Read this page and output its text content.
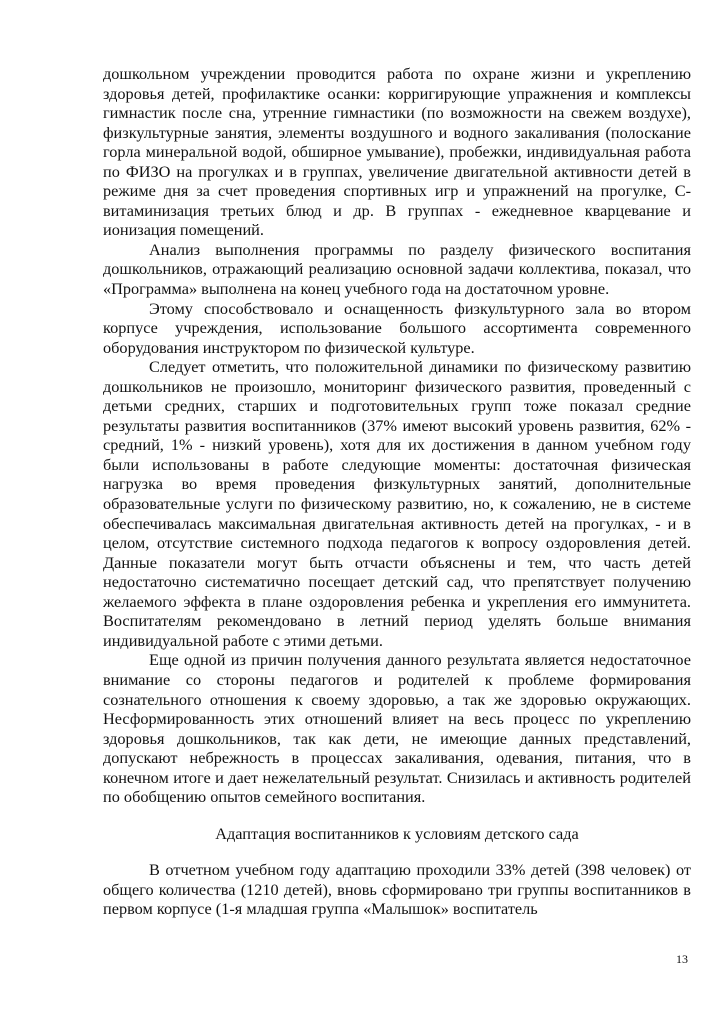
дошкольном учреждении проводится работа по охране жизни и укреплению здоровья детей, профилактике осанки: корригирующие упражнения и комплексы гимнастик после сна, утренние гимнастики (по возможности на свежем воздухе), физкультурные занятия, элементы воздушного и водного закаливания (полоскание горла минеральной водой, обширное умывание), пробежки, индивидуальная работа по ФИЗО на прогулках и в группах, увеличение двигательной активности детей в режиме дня за счет проведения спортивных игр и упражнений на прогулке, С-витаминизация третьих блюд и др. В группах - ежедневное кварцевание и ионизация помещений.

Анализ выполнения программы по разделу физического воспитания дошкольников, отражающий реализацию основной задачи коллектива, показал, что «Программа» выполнена на конец учебного года на достаточном уровне.

Этому способствовало и оснащенность физкультурного зала во втором корпусе учреждения, использование большого ассортимента современного оборудования инструктором по физической культуре.

Следует отметить, что положительной динамики по физическому развитию дошкольников не произошло, мониторинг физического развития, проведенный с детьми средних, старших и подготовительных групп тоже показал средние результаты развития воспитанников (37% имеют высокий уровень развития, 62% - средний, 1% - низкий уровень), хотя для их достижения в данном учебном году были использованы в работе следующие моменты: достаточная физическая нагрузка во время проведения физкультурных занятий, дополнительные образовательные услуги по физическому развитию, но, к сожалению, не в системе обеспечивалась максимальная двигательная активность детей на прогулках, - и в целом, отсутствие системного подхода педагогов к вопросу оздоровления детей. Данные показатели могут быть отчасти объяснены и тем, что часть детей недостаточно систематично посещает детский сад, что препятствует получению желаемого эффекта в плане оздоровления ребенка и укрепления его иммунитета. Воспитателям рекомендовано в летний период уделять больше внимания индивидуальной работе с этими детьми.

Еще одной из причин получения данного результата является недостаточное внимание со стороны педагогов и родителей к проблеме формирования сознательного отношения к своему здоровью, а так же здоровью окружающих. Несформированность этих отношений влияет на весь процесс по укреплению здоровья дошкольников, так как дети, не имеющие данных представлений, допускают небрежность в процессах закаливания, одевания, питания, что в конечном итоге и дает нежелательный результат. Снизилась и активность родителей по обобщению опытов семейного воспитания.

Адаптация воспитанников к условиям детского сада

В отчетном учебном году адаптацию проходили 33% детей (398 человек) от общего количества (1210 детей), вновь сформировано три группы воспитанников в первом корпусе (1-я младшая группа «Малышок» воспитатель

13
